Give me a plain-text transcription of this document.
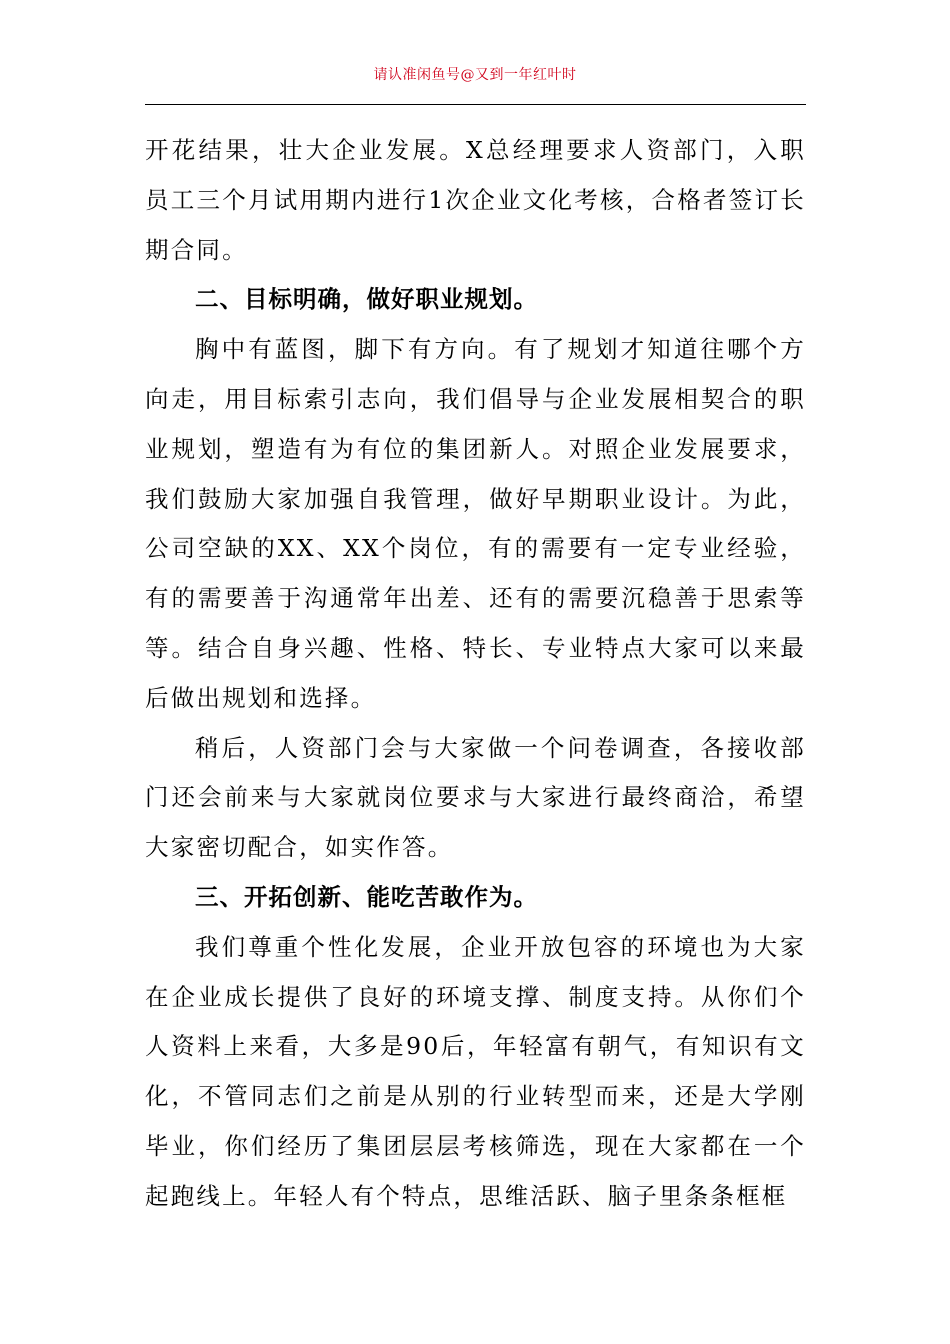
请认准闲鱼号@又到一年红叶时

开花结果，壮大企业发展。X总经理要求人资部门，入职员工三个月试用期内进行1次企业文化考核，合格者签订长期合同。

二、目标明确，做好职业规划。

胸中有蓝图，脚下有方向。有了规划才知道往哪个方向走，用目标索引志向，我们倡导与企业发展相契合的职业规划，塑造有为有位的集团新人。对照企业发展要求，我们鼓励大家加强自我管理，做好早期职业设计。为此，公司空缺的XX、XX个岗位，有的需要有一定专业经验，有的需要善于沟通常年出差、还有的需要沉稳善于思索等等。结合自身兴趣、性格、特长、专业特点大家可以来最后做出规划和选择。

稍后，人资部门会与大家做一个问卷调查，各接收部门还会前来与大家就岗位要求与大家进行最终商洽，希望大家密切配合，如实作答。

三、开拓创新、能吃苦敢作为。

我们尊重个性化发展，企业开放包容的环境也为大家在企业成长提供了良好的环境支撑、制度支持。从你们个人资料上来看，大多是90后，年轻富有朝气，有知识有文化，不管同志们之前是从别的行业转型而来，还是大学刚毕业，你们经历了集团层层考核筛选，现在大家都在一个起跑线上。年轻人有个特点，思维活跃、脑子里条条框框
